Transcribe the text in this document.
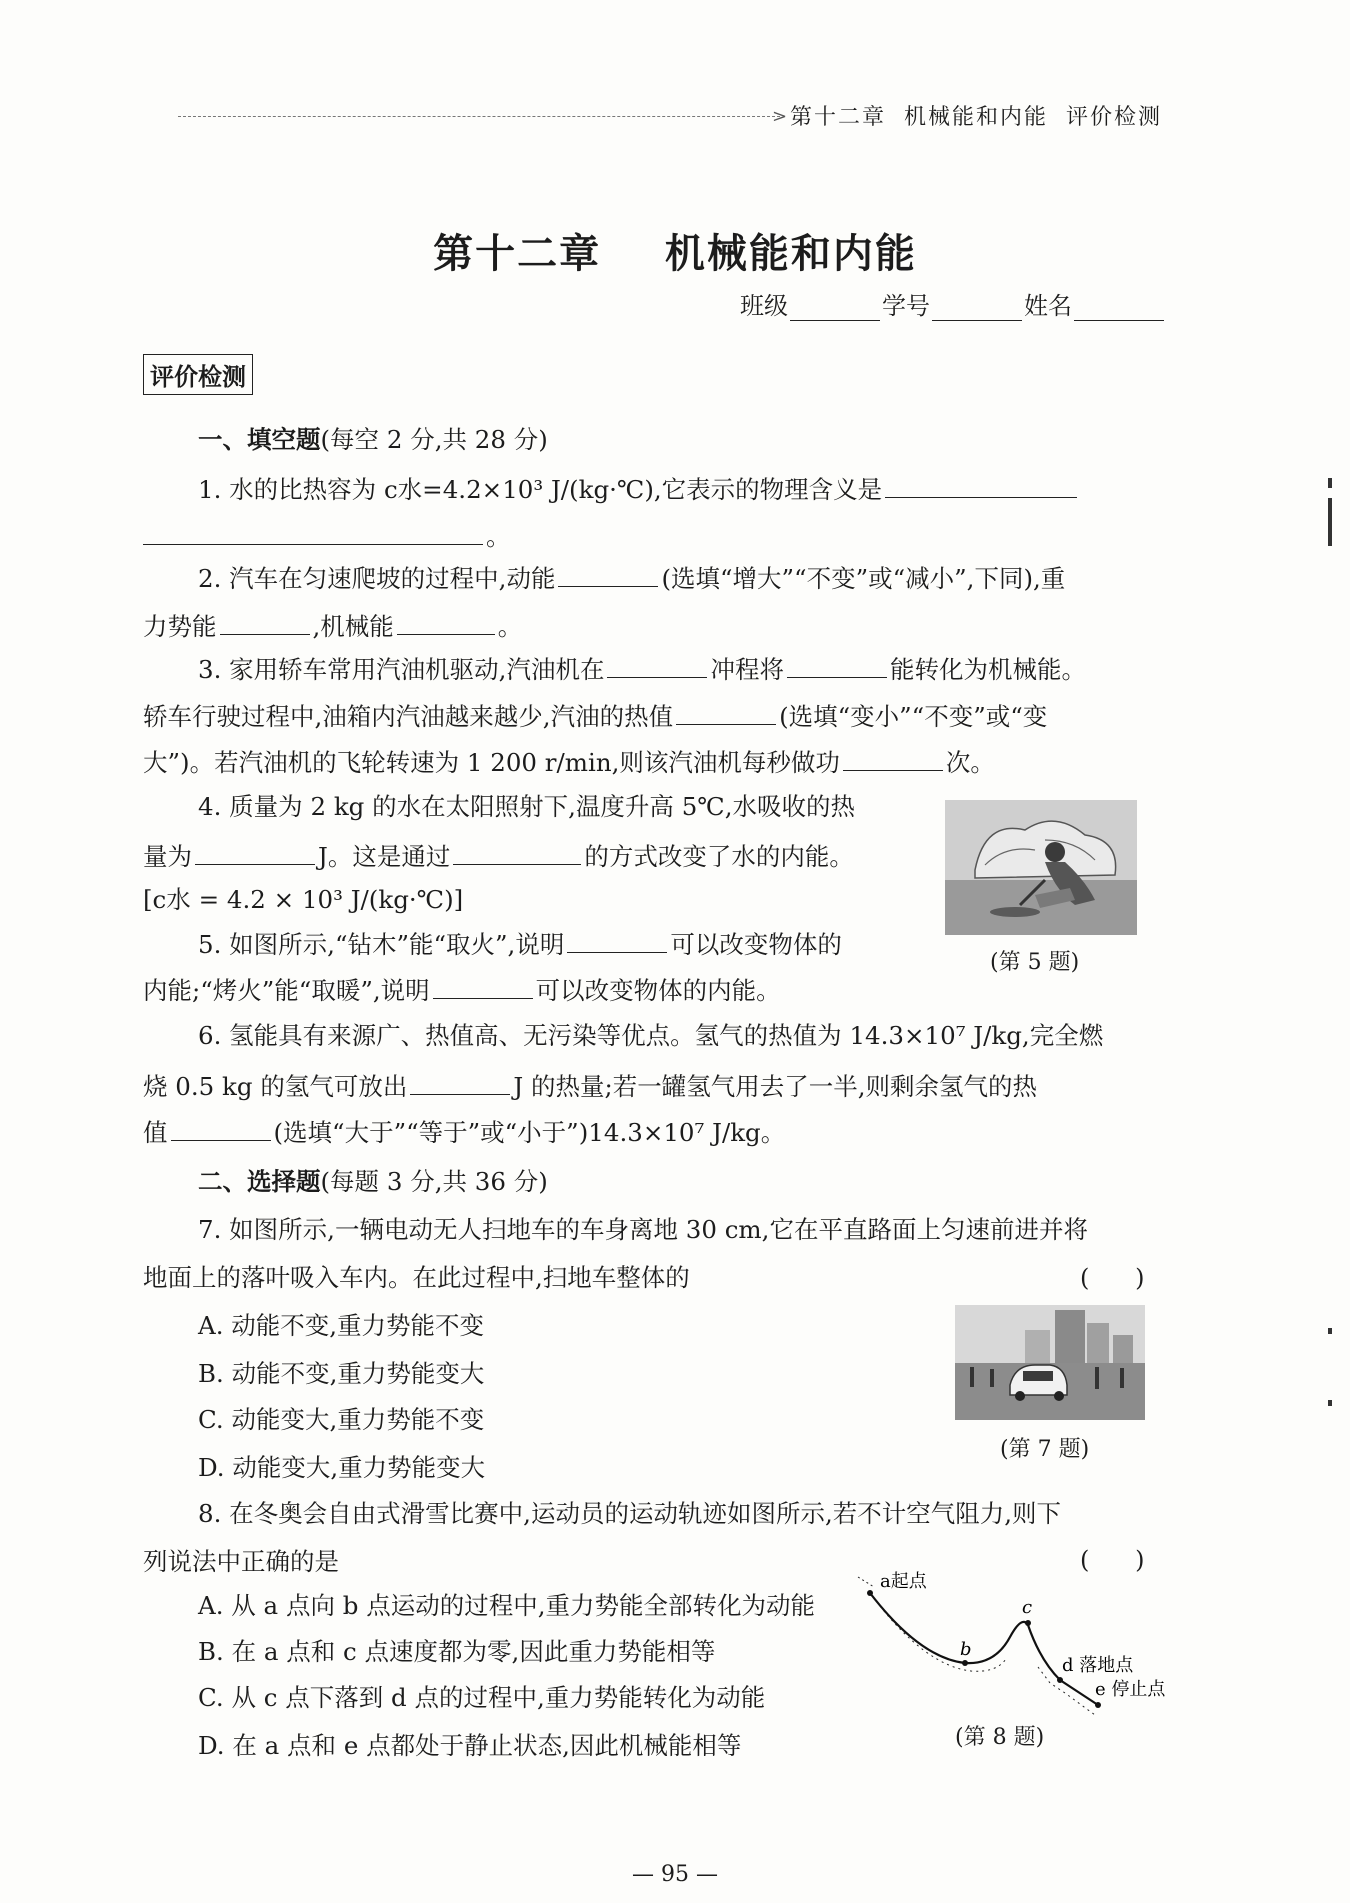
> 第十二章  机械能和内能  评价检测
第十二章    机械能和内能
班级	学号	姓名
评价检测
一、填空题(每空 2 分,共 28 分)
1. 水的比热容为 c水=4.2×10³ J/(kg·℃),它表示的物理含义是
。
2. 汽车在匀速爬坡的过程中,动能	(选填“增大”“不变”或“减小”,下同),重
力势能	,机械能	。
3. 家用轿车常用汽油机驱动,汽油机在	冲程将	能转化为机械能。
轿车行驶过程中,油箱内汽油越来越少,汽油的热值	(选填“变小”“不变”或“变
大”)。若汽油机的飞轮转速为 1 200 r/min,则该汽油机每秒做功	次。
4. 质量为 2 kg 的水在太阳照射下,温度升高 5℃,水吸收的热
量为	J。这是通过	的方式改变了水的内能。
[c水 = 4.2 × 10³ J/(kg·℃)]
(第 5 题)
5. 如图所示,“钻木”能“取火”,说明	可以改变物体的
内能;“烤火”能“取暖”,说明	可以改变物体的内能。
6. 氢能具有来源广、热值高、无污染等优点。氢气的热值为 14.3×10⁷ J/kg,完全燃
烧 0.5 kg 的氢气可放出	J 的热量;若一罐氢气用去了一半,则剩余氢气的热
值	(选填“大于”“等于”或“小于”)14.3×10⁷ J/kg。
二、选择题(每题 3 分,共 36 分)
7. 如图所示,一辆电动无人扫地车的车身离地 30 cm,它在平直路面上匀速前进并将
地面上的落叶吸入车内。在此过程中,扫地车整体的	(      )
A. 动能不变,重力势能不变
B. 动能不变,重力势能变大
C. 动能变大,重力势能不变
D. 动能变大,重力势能变大
(第 7 题)
8. 在冬奥会自由式滑雪比赛中,运动员的运动轨迹如图所示,若不计空气阻力,则下
列说法中正确的是	(      )
A. 从 a 点向 b 点运动的过程中,重力势能全部转化为动能
B. 在 a 点和 c 点速度都为零,因此重力势能相等
C. 从 c 点下落到 d 点的过程中,重力势能转化为动能
D. 在 a 点和 e 点都处于静止状态,因此机械能相等
a起点
b
c
d 落地点
e 停止点
(第 8 题)
— 95 —
